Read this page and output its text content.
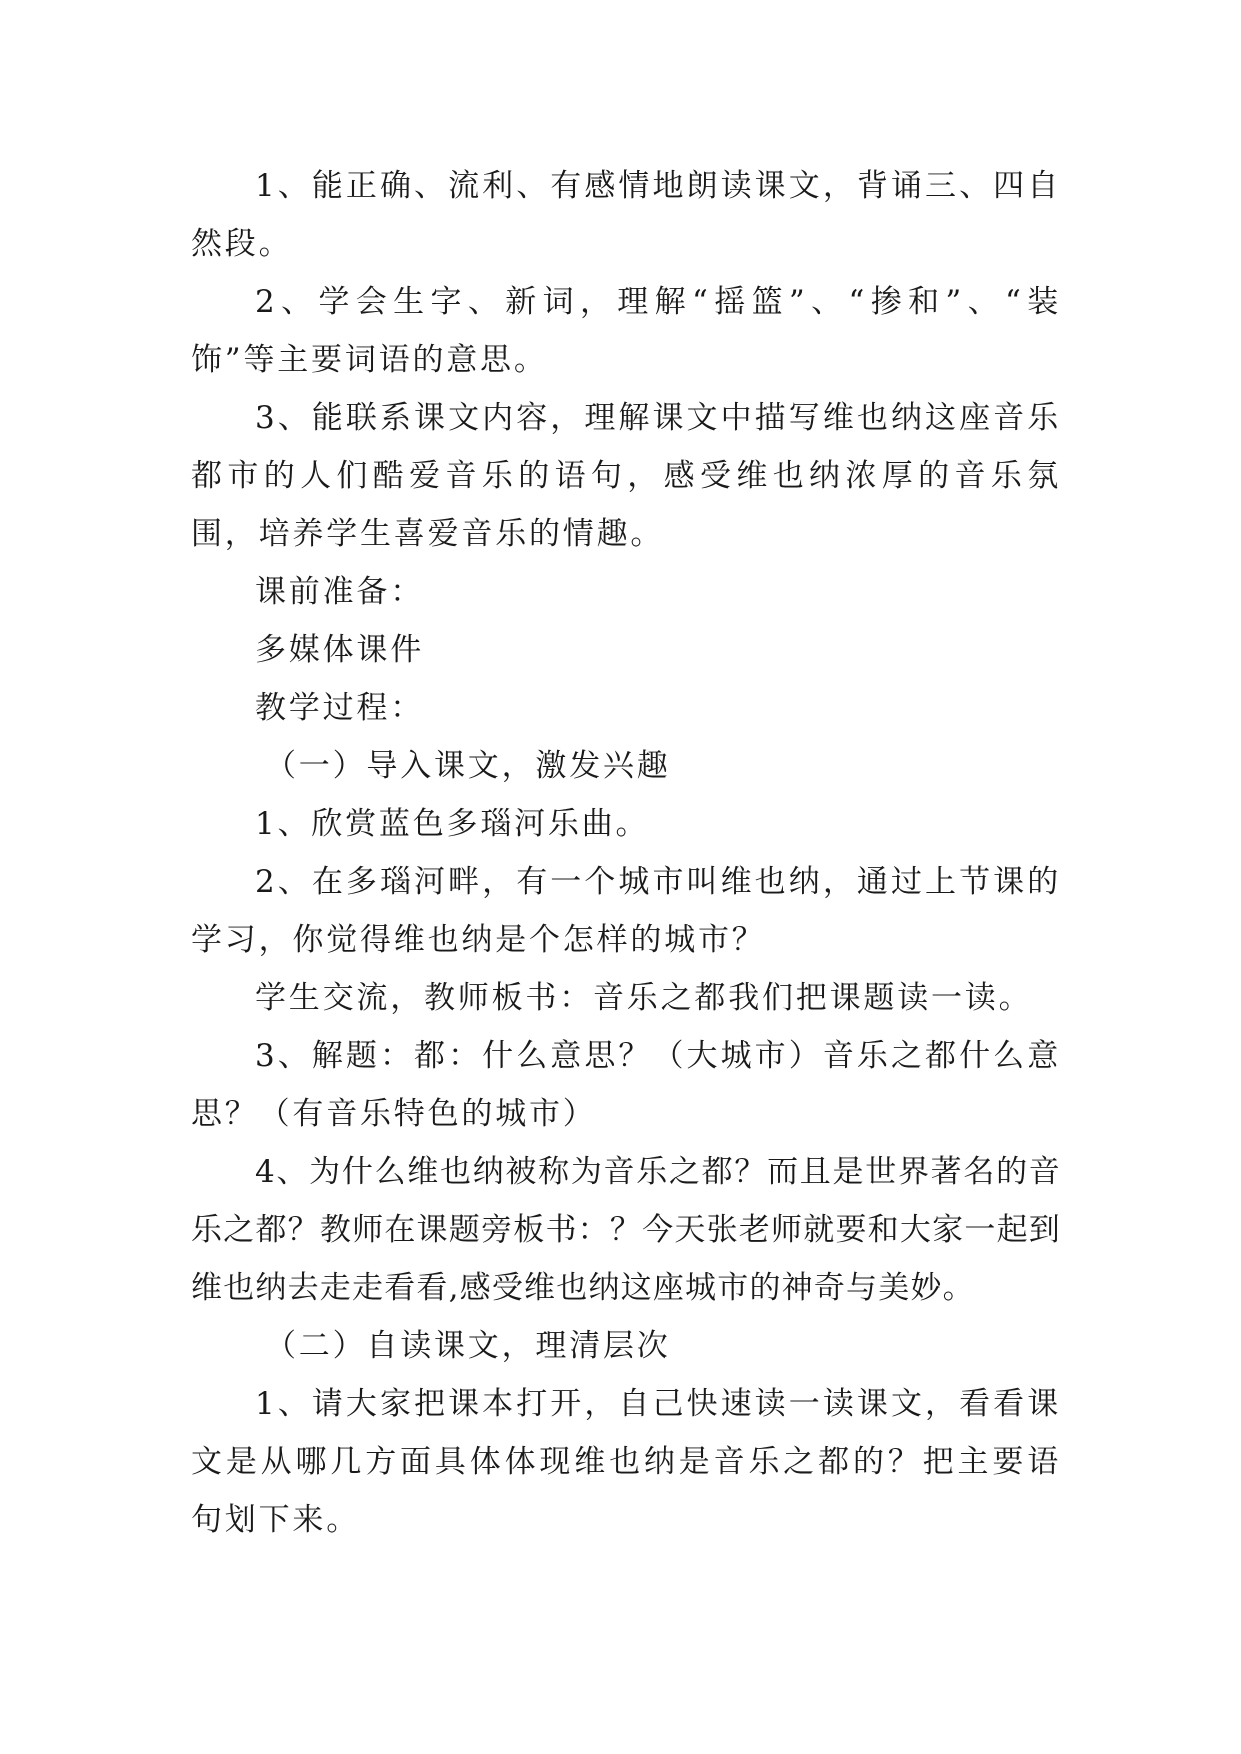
1、能正确、流利、有感情地朗读课文，背诵三、四自然段。

2、学会生字、新词，理解“摇篮”、“掺和”、“装饰”等主要词语的意思。

3、能联系课文内容，理解课文中描写维也纳这座音乐都市的人们酷爱音乐的语句，感受维也纳浓厚的音乐氛围，培养学生喜爱音乐的情趣。

课前准备：

多媒体课件

教学过程：

（一）导入课文，激发兴趣

1、欣赏蓝色多瑙河乐曲。

2、在多瑙河畔，有一个城市叫维也纳，通过上节课的学习，你觉得维也纳是个怎样的城市？

学生交流，教师板书：音乐之都我们把课题读一读。

3、解题：都：什么意思？（大城市）音乐之都什么意思？（有音乐特色的城市）

4、为什么维也纳被称为音乐之都？而且是世界著名的音乐之都？教师在课题旁板书：？今天张老师就要和大家一起到维也纳去走走看看,感受维也纳这座城市的神奇与美妙。

（二）自读课文，理清层次

1、请大家把课本打开，自己快速读一读课文，看看课文是从哪几方面具体体现维也纳是音乐之都的？把主要语句划下来。
